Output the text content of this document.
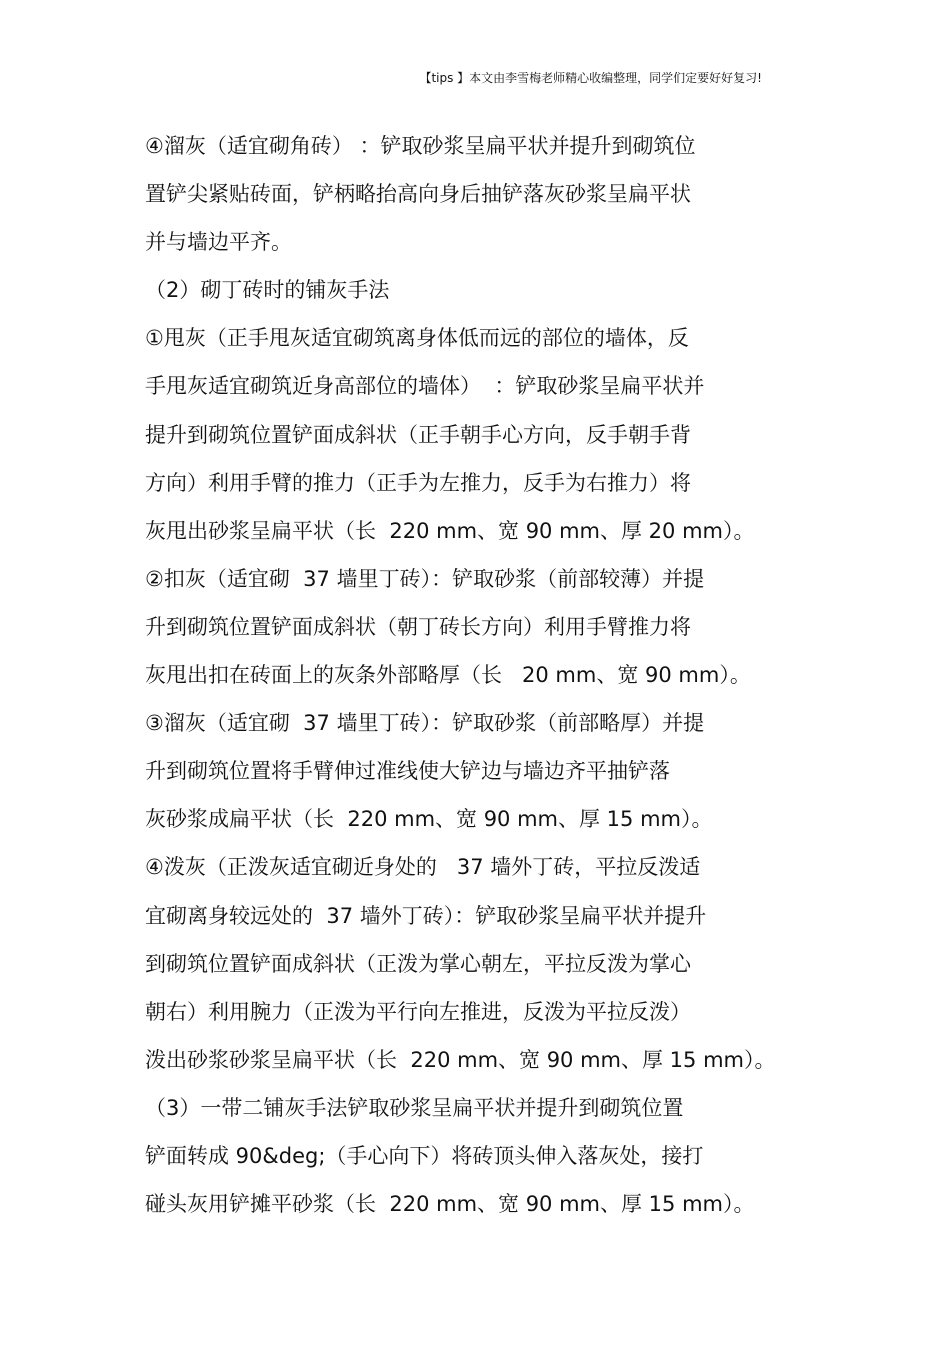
【tips 】本文由李雪梅老师精心收编整理，同学们定要好好复习!
④溜灰（适宜砌角砖） ：铲取砂浆呈扁平状并提升到砌筑位
置铲尖紧贴砖面，铲柄略抬高向身后抽铲落灰砂浆呈扁平状
并与墙边平齐。
（2）砌丁砖时的铺灰手法
①甩灰（正手甩灰适宜砌筑离身体低而远的部位的墙体，反
手甩灰适宜砌筑近身高部位的墙体）  ：铲取砂浆呈扁平状并
提升到砌筑位置铲面成斜状（正手朝手心方向，反手朝手背
方向）利用手臂的推力（正手为左推力，反手为右推力）将
灰甩出砂浆呈扁平状（长  220 mm、宽 90 mm、厚 20 mm）。
②扣灰（适宜砌  37 墙里丁砖）：铲取砂浆（前部较薄）并提
升到砌筑位置铲面成斜状（朝丁砖长方向）利用手臂推力将
灰甩出扣在砖面上的灰条外部略厚（长   20 mm、宽 90 mm）。
③溜灰（适宜砌  37 墙里丁砖）：铲取砂浆（前部略厚）并提
升到砌筑位置将手臂伸过准线使大铲边与墙边齐平抽铲落
灰砂浆成扁平状（长  220 mm、宽 90 mm、厚 15 mm）。
④泼灰（正泼灰适宜砌近身处的   37 墙外丁砖，平拉反泼适
宜砌离身较远处的  37 墙外丁砖）：铲取砂浆呈扁平状并提升
到砌筑位置铲面成斜状（正泼为掌心朝左，平拉反泼为掌心
朝右）利用腕力（正泼为平行向左推进，反泼为平拉反泼）
泼出砂浆砂浆呈扁平状（长  220 mm、宽 90 mm、厚 15 mm）。
（3）一带二铺灰手法铲取砂浆呈扁平状并提升到砌筑位置
铲面转成 90&deg;（手心向下）将砖顶头伸入落灰处，接打
碰头灰用铲摊平砂浆（长  220 mm、宽 90 mm、厚 15 mm）。
